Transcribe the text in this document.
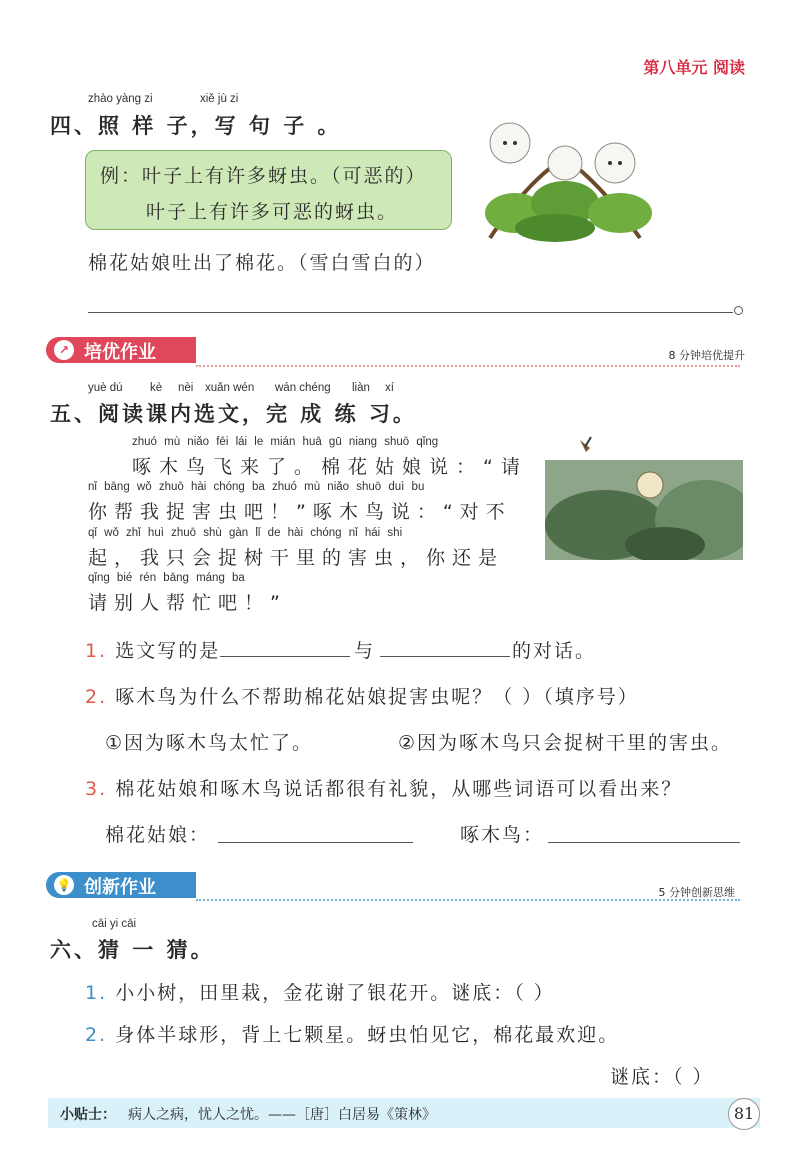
第八单元 阅读
zhào yàng zi	xiě jù zi
四、照 样 子，写 句 子 。
例：叶子上有许多蚜虫。（可恶的）
叶子上有许多可恶的蚜虫。
棉花姑娘吐出了棉花。（雪白雪白的）
↗ 培优作业	8 分钟培优提升
yuè dú kè nèi xuǎn wén wán chéng liàn xí
五、阅读课内选文，完 成 练 习。
zhuó mù niǎo fēi lái le mián huā gū niang shuō qǐng
啄木鸟飞来了。棉花姑娘说：“请
nǐ bāng wǒ zhuō hài chóng ba zhuó mù niǎo shuō duì bu
你帮我捉害虫吧！”啄木鸟说：“对不
qǐ wǒ zhǐ huì zhuō shù gàn lǐ de hài chóng nǐ hái shi
起，我只会捉树干里的害虫，你还是
qǐng bié rén bāng máng ba
请别人帮忙吧！”
1. 选文写的是	与	的对话。
2. 啄木鸟为什么不帮助棉花姑娘捉害虫呢？（ ）（填序号）
①因为啄木鸟太忙了。	②因为啄木鸟只会捉树干里的害虫。
3. 棉花姑娘和啄木鸟说话都很有礼貌，从哪些词语可以看出来？
棉花姑娘：	啄木鸟：
💡 创新作业	5 分钟创新思维
cāi yi cāi
六、猜 一 猜。
1. 小小树，田里栽，金花谢了银花开。谜底：（ ）
2. 身体半球形，背上七颗星。蚜虫怕见它，棉花最欢迎。
谜底：（ ）
小贴士： 病人之病，忧人之忧。——［唐］白居易《策林》	81
